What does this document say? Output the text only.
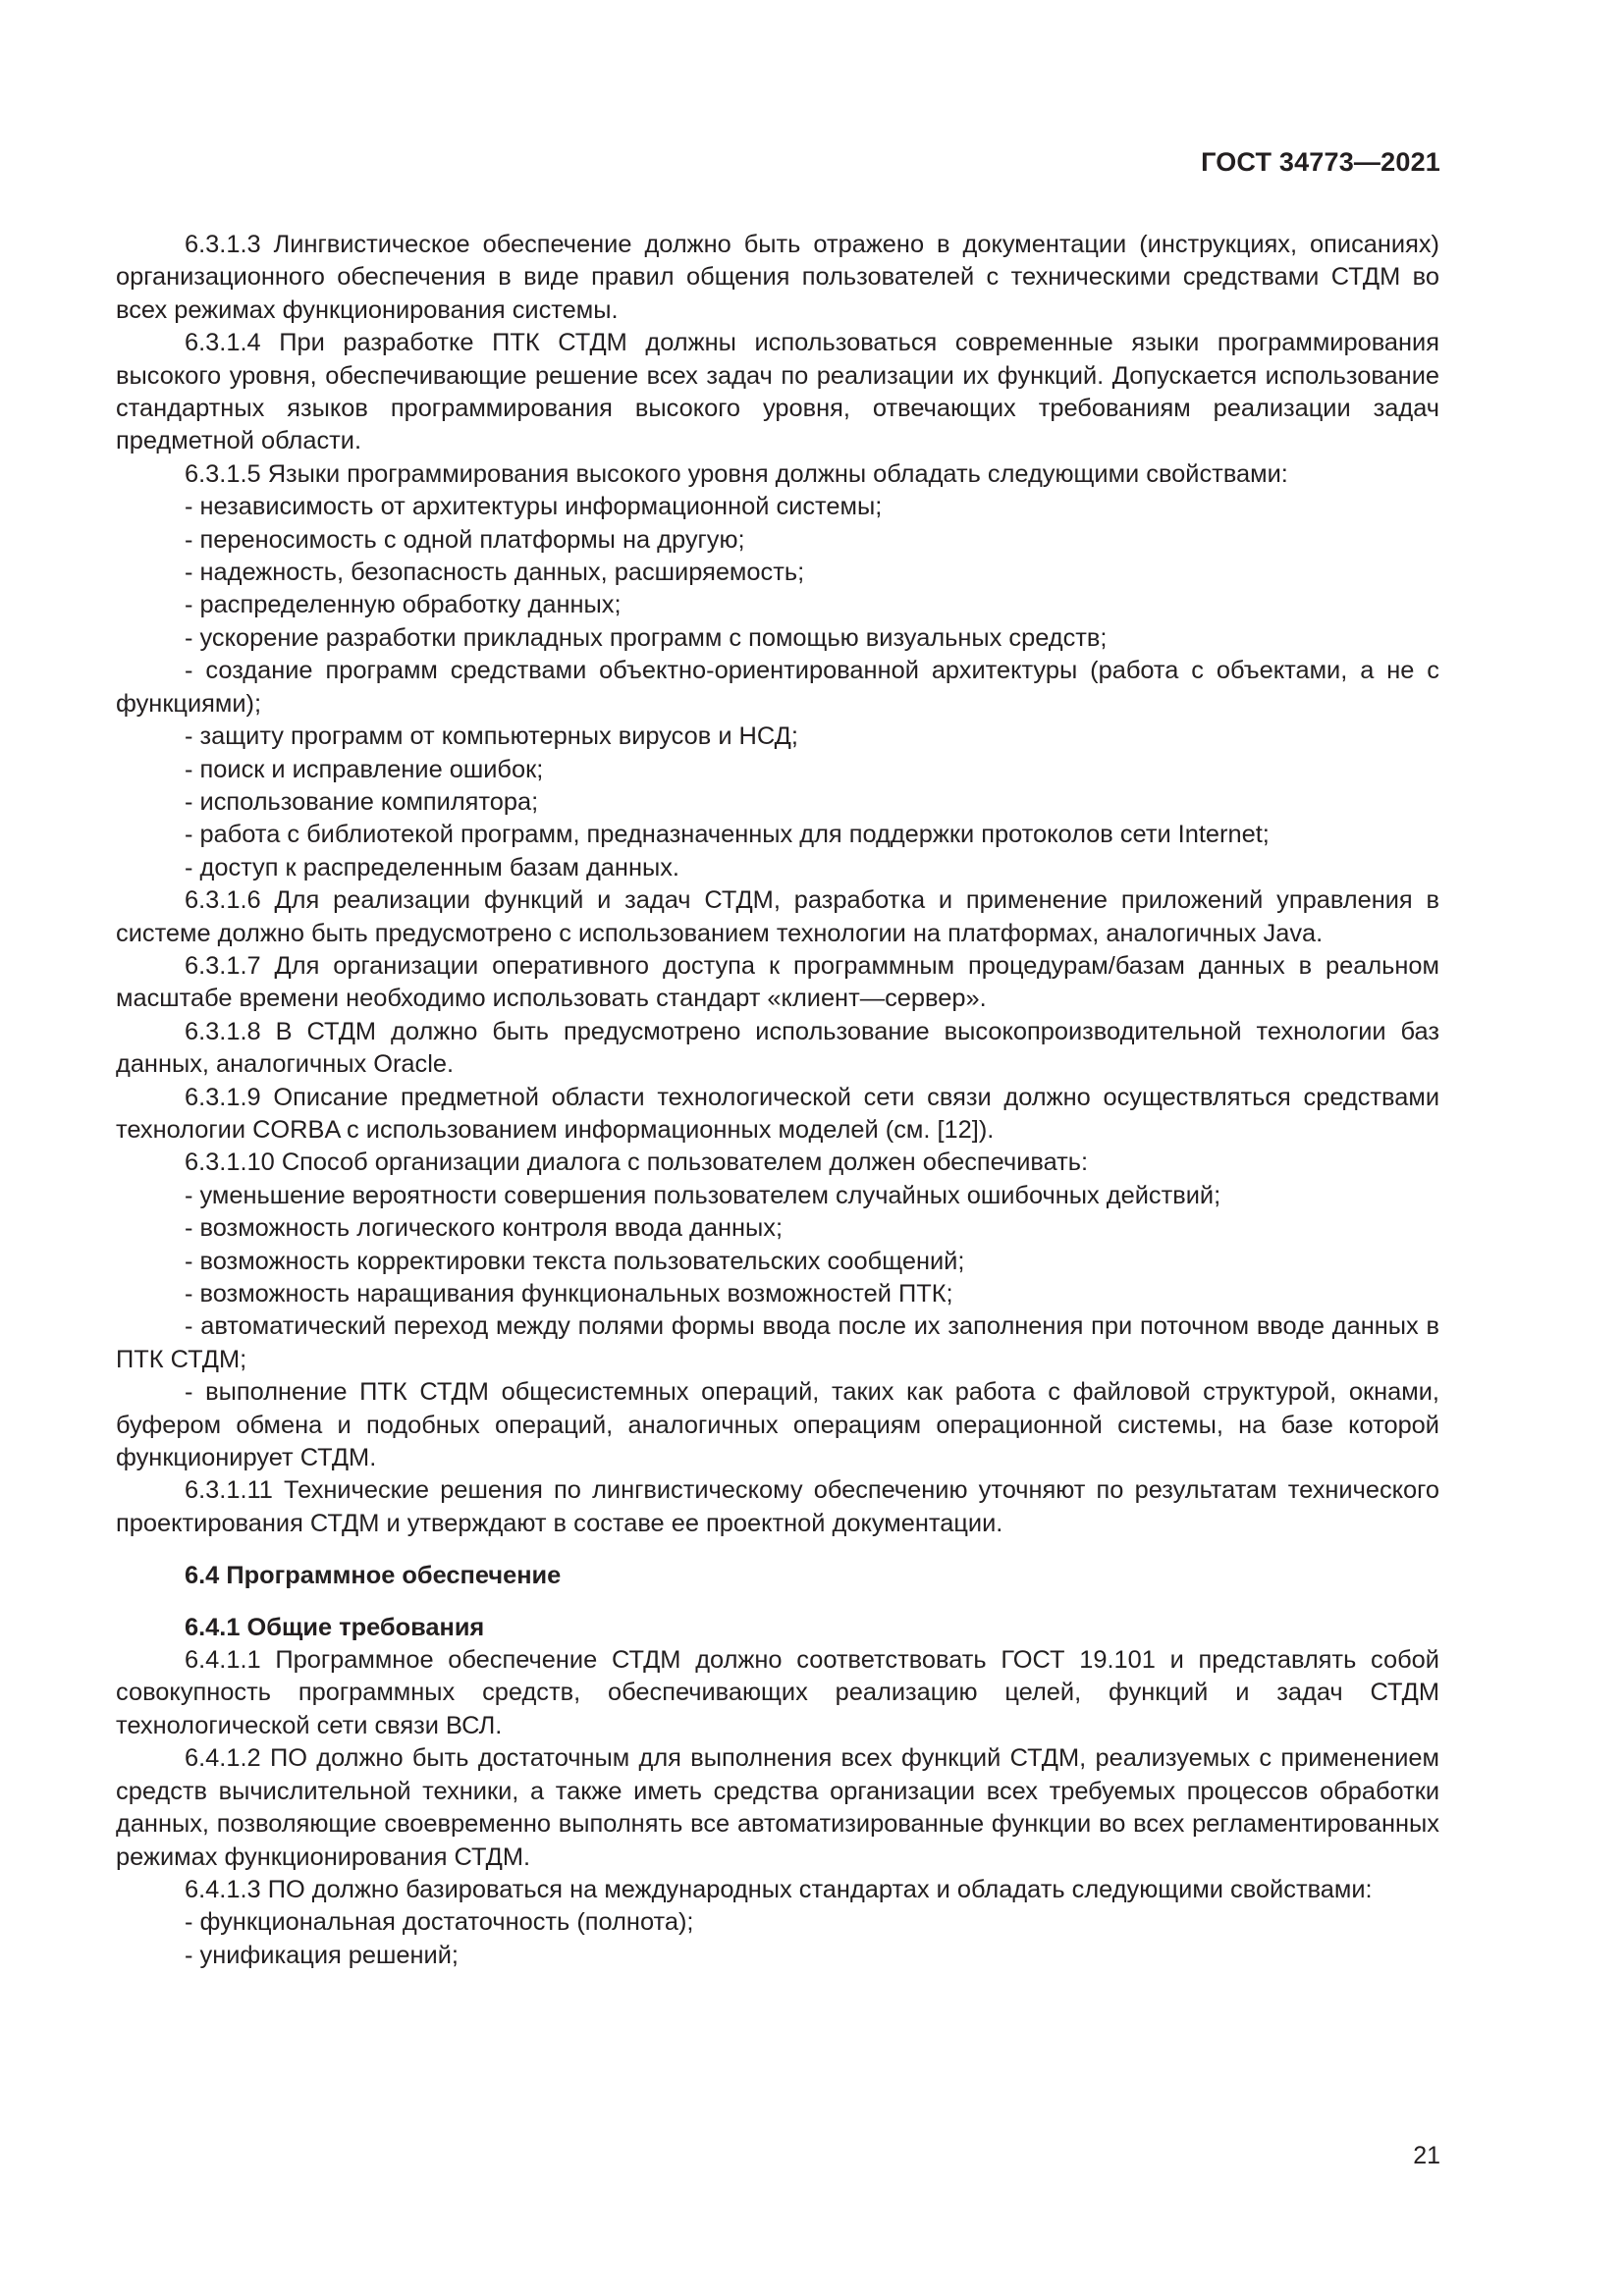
ГОСТ 34773—2021

6.3.1.3 Лингвистическое обеспечение должно быть отражено в документации (инструкциях, описаниях) организационного обеспечения в виде правил общения пользователей с техническими средствами СТДМ во всех режимах функционирования системы.

6.3.1.4 При разработке ПТК СТДМ должны использоваться современные языки программирования высокого уровня, обеспечивающие решение всех задач по реализации их функций. Допускается использование стандартных языков программирования высокого уровня, отвечающих требованиям реализации задач предметной области.

6.3.1.5 Языки программирования высокого уровня должны обладать следующими свойствами:

- независимость от архитектуры информационной системы;

- переносимость с одной платформы на другую;

- надежность, безопасность данных, расширяемость;

- распределенную обработку данных;

- ускорение разработки прикладных программ с помощью визуальных средств;

- создание программ средствами объектно-ориентированной архитектуры (работа с объектами, а не с функциями);

- защиту программ от компьютерных вирусов и НСД;

- поиск и исправление ошибок;

- использование компилятора;

- работа с библиотекой программ, предназначенных для поддержки протоколов сети Internet;

- доступ к распределенным базам данных.

6.3.1.6 Для реализации функций и задач СТДМ, разработка и применение приложений управления в системе должно быть предусмотрено с использованием технологии на платформах, аналогичных Java.

6.3.1.7 Для организации оперативного доступа к программным процедурам/базам данных в реальном масштабе времени необходимо использовать стандарт «клиент—сервер».

6.3.1.8 В СТДМ должно быть предусмотрено использование высокопроизводительной технологии баз данных, аналогичных Oracle.

6.3.1.9 Описание предметной области технологической сети связи должно осуществляться средствами технологии CORBA с использованием информационных моделей (см. [12]).

6.3.1.10 Способ организации диалога с пользователем должен обеспечивать:

- уменьшение вероятности совершения пользователем случайных ошибочных действий;

- возможность логического контроля ввода данных;

- возможность корректировки текста пользовательских сообщений;

- возможность наращивания функциональных возможностей ПТК;

- автоматический переход между полями формы ввода после их заполнения при поточном вводе данных в ПТК СТДМ;

- выполнение ПТК СТДМ общесистемных операций, таких как работа с файловой структурой, окнами, буфером обмена и подобных операций, аналогичных операциям операционной системы, на базе которой функционирует СТДМ.

6.3.1.11 Технические решения по лингвистическому обеспечению уточняют по результатам технического проектирования СТДМ и утверждают в составе ее проектной документации.

6.4 Программное обеспечение

6.4.1 Общие требования

6.4.1.1 Программное обеспечение СТДМ должно соответствовать ГОСТ 19.101 и представлять собой совокупность программных средств, обеспечивающих реализацию целей, функций и задач СТДМ технологической сети связи ВСЛ.

6.4.1.2 ПО должно быть достаточным для выполнения всех функций СТДМ, реализуемых с применением средств вычислительной техники, а также иметь средства организации всех требуемых процессов обработки данных, позволяющие своевременно выполнять все автоматизированные функции во всех регламентированных режимах функционирования СТДМ.

6.4.1.3 ПО должно базироваться на международных стандартах и обладать следующими свойствами:

- функциональная достаточность (полнота);

- унификация решений;

21
